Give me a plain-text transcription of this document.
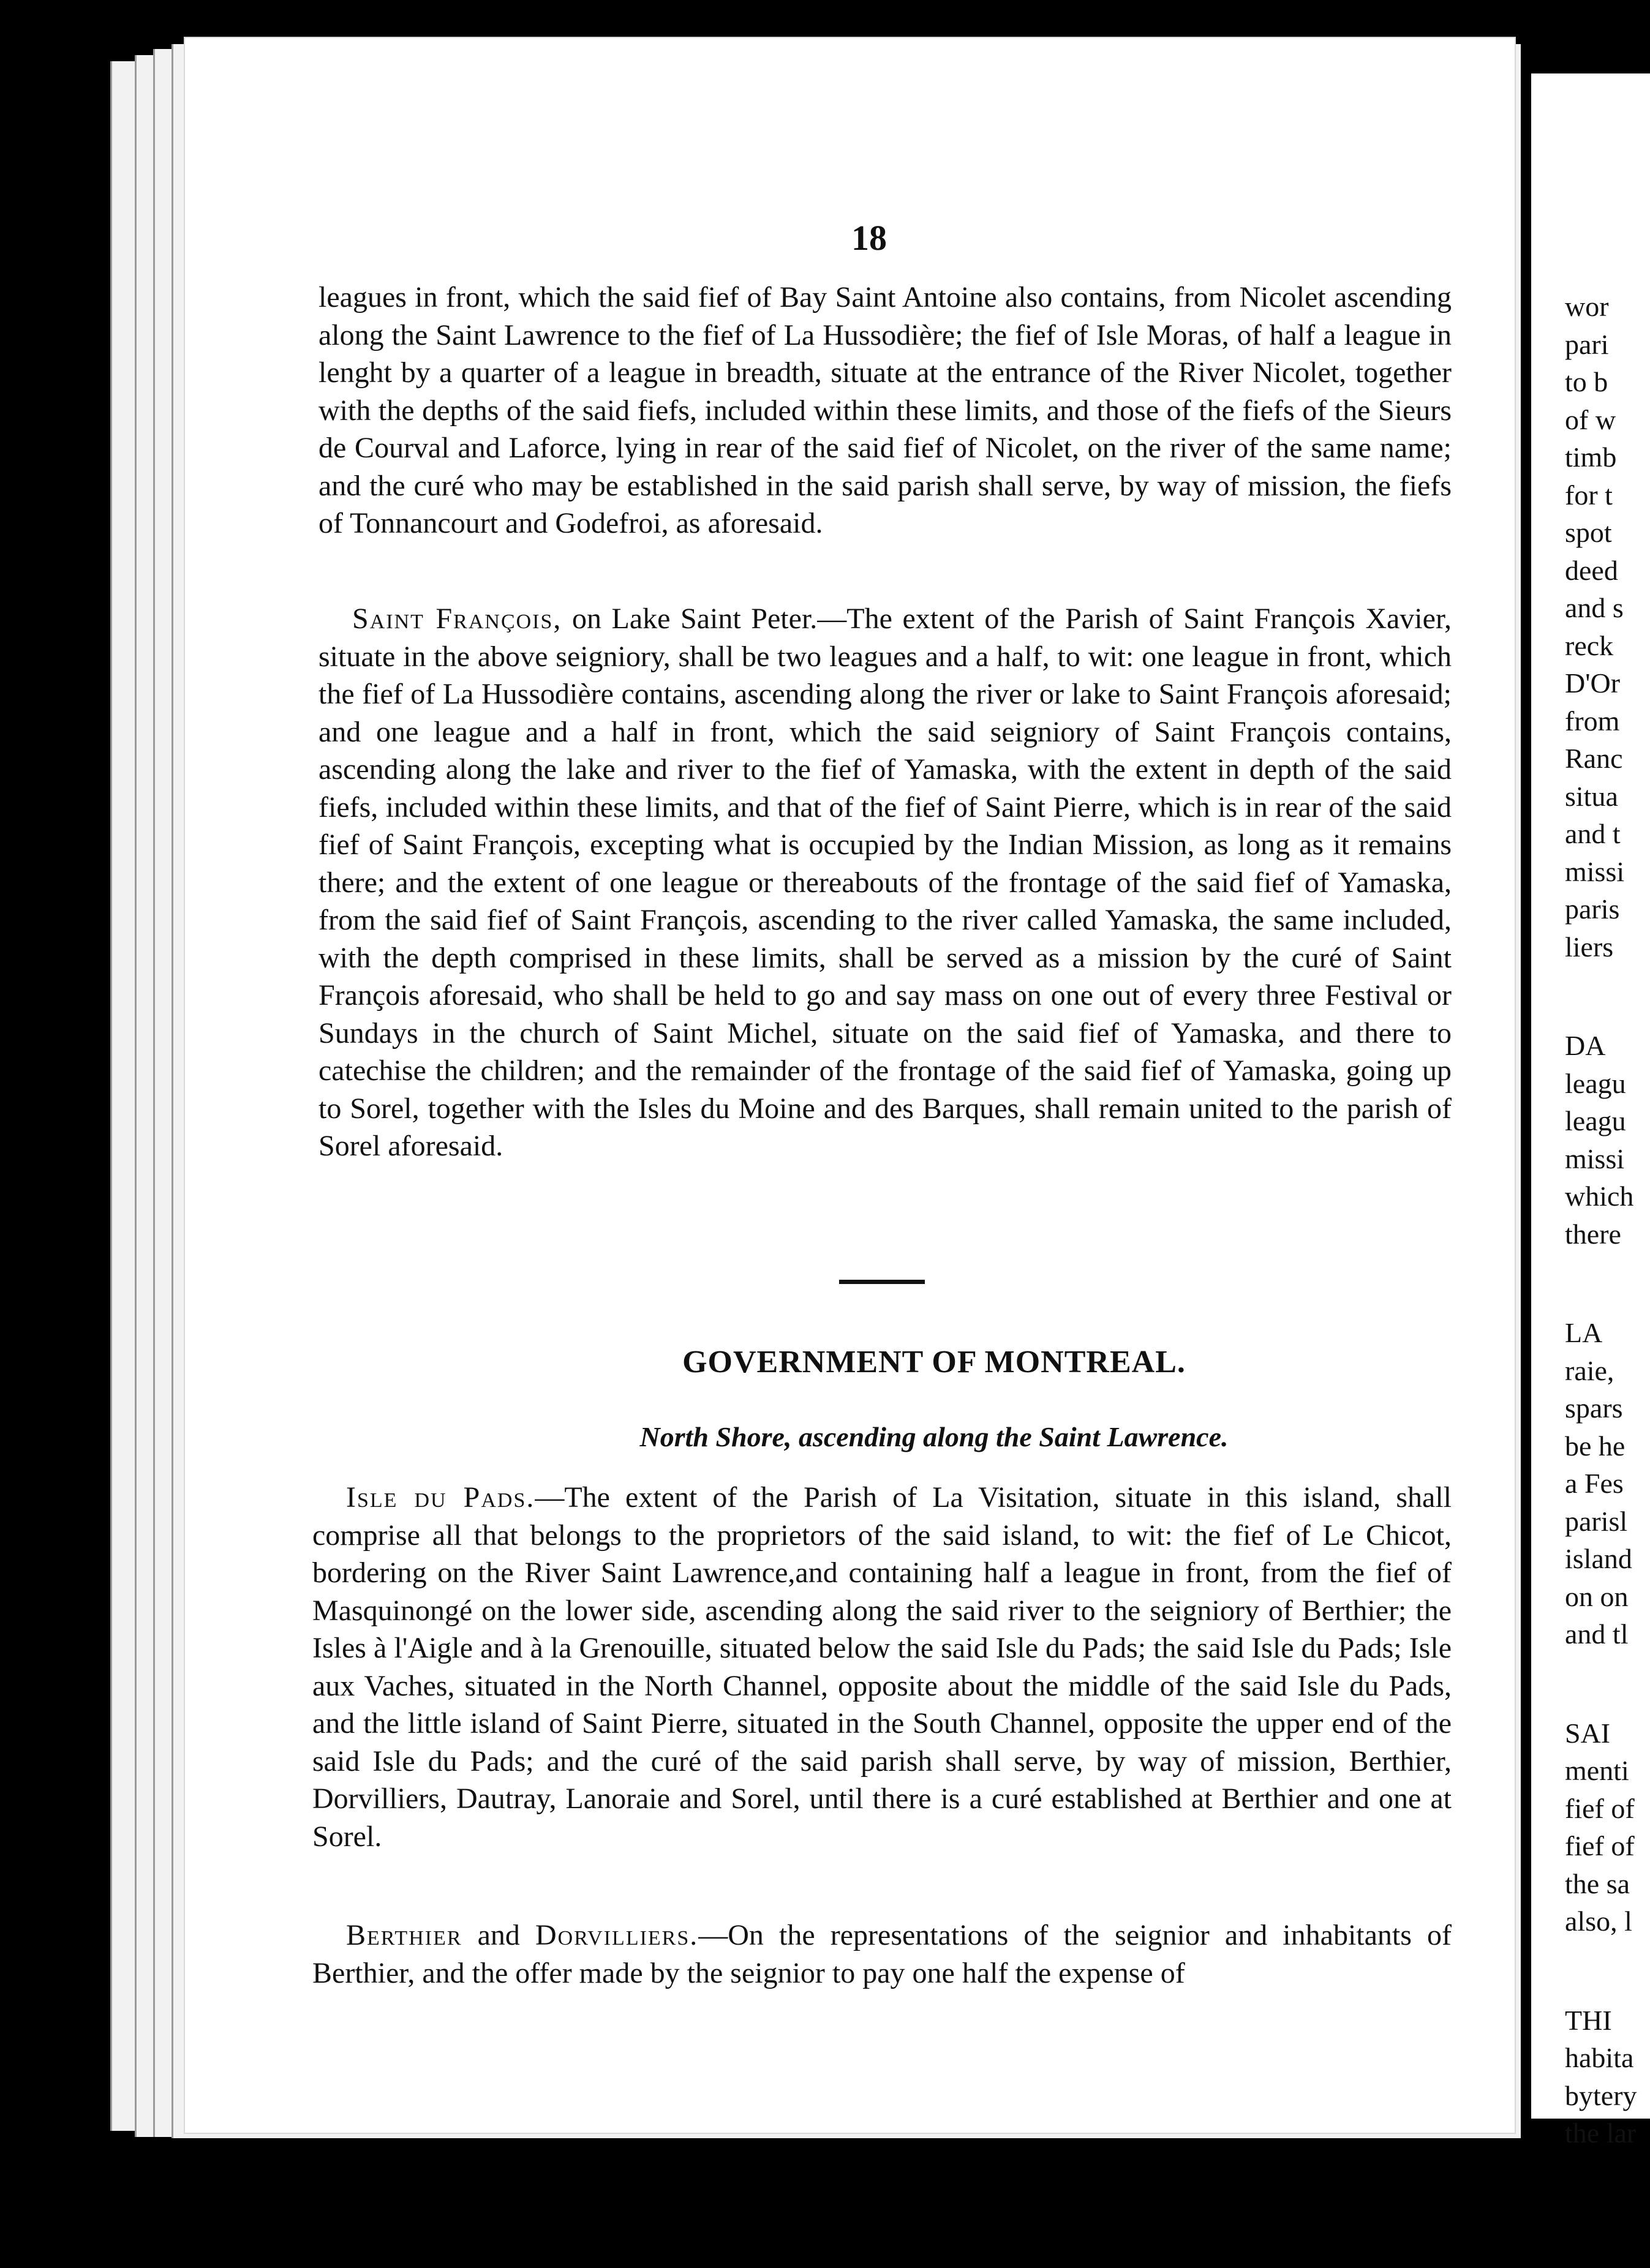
18

leagues in front, which the said fief of Bay Saint Antoine also contains, from Nicolet ascending along the Saint Lawrence to the fief of La Hussodière; the fief of Isle Moras, of half a league in lenght by a quarter of a league in breadth, situate at the entrance of the River Nicolet, together with the depths of the said fiefs, included within these limits, and those of the fiefs of the Sieurs de Courval and Laforce, lying in rear of the said fief of Nicolet, on the river of the same name; and the curé who may be established in the said parish shall serve, by way of mission, the fiefs of Tonnancourt and Godefroi, as aforesaid.

Saint François, on Lake Saint Peter.—The extent of the Parish of Saint François Xavier, situate in the above seigniory, shall be two leagues and a half, to wit: one league in front, which the fief of La Hussodière contains, ascending along the river or lake to Saint François aforesaid; and one league and a half in front, which the said seigniory of Saint François contains, ascending along the lake and river to the fief of Yamaska, with the extent in depth of the said fiefs, included within these limits, and that of the fief of Saint Pierre, which is in rear of the said fief of Saint François, excepting what is occupied by the Indian Mission, as long as it remains there; and the extent of one league or thereabouts of the frontage of the said fief of Yamaska, from the said fief of Saint François, ascending to the river called Yamaska, the same included, with the depth comprised in these limits, shall be served as a mission by the curé of Saint François aforesaid, who shall be held to go and say mass on one out of every three Festival or Sundays in the church of Saint Michel, situate on the said fief of Yamaska, and there to catechise the children; and the remainder of the frontage of the said fief of Yamaska, going up to Sorel, together with the Isles du Moine and des Barques, shall remain united to the parish of Sorel aforesaid.

GOVERNMENT OF MONTREAL.
North Shore, ascending along the Saint Lawrence.

Isle du Pads.—The extent of the Parish of La Visitation, situate in this island, shall comprise all that belongs to the proprietors of the said island, to wit: the fief of Le Chicot, bordering on the River Saint Lawrence,and containing half a league in front, from the fief of Masquinongé on the lower side, ascending along the said river to the seigniory of Berthier; the Isles à l'Aigle and à la Grenouille, situated below the said Isle du Pads; the said Isle du Pads; Isle aux Vaches, situated in the North Channel, opposite about the middle of the said Isle du Pads, and the little island of Saint Pierre, situated in the South Channel, opposite the upper end of the said Isle du Pads; and the curé of the said parish shall serve, by way of mission, Berthier, Dorvilliers, Dautray, Lanoraie and Sorel, until there is a curé established at Berthier and one at Sorel.

Berthier and Dorvilliers.—On the representations of the seignior and inhabitants of Berthier, and the offer made by the seignior to pay one half the expense of

wor
pari
to b
of w
timb
for t
spot
deed
and s
reck
D'Or
from
Ranc
situa
and t
missi
paris
liers
DA
leagu
leagu
missi
which
there
LA
raie,
spars
be he
a Fes
parisl
island
on on
and tl
SAI
menti
fief of
fief of
the sa
also, l
THI
habita
bytery
the lar
